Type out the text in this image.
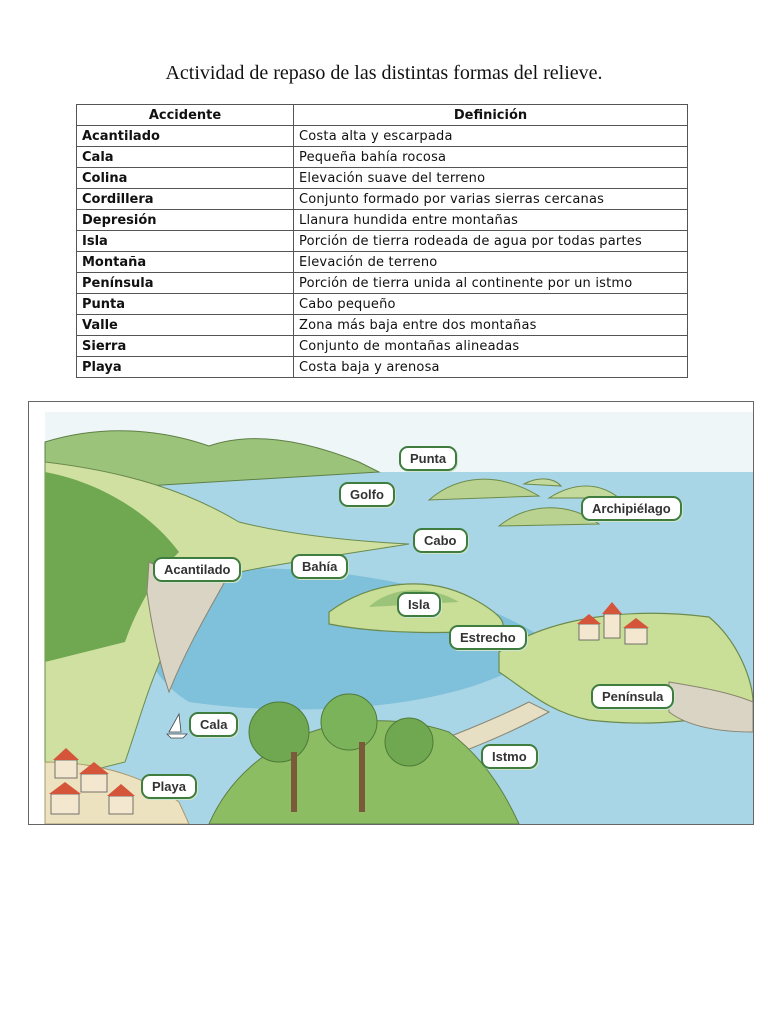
Actividad de repaso de las distintas formas del relieve.
Accidente	Definición
Acantilado	Costa alta y escarpada
Cala	Pequeña bahía rocosa
Colina	Elevación suave del terreno
Cordillera	Conjunto formado por varias sierras cercanas
Depresión	Llanura hundida entre montañas
Isla	Porción de tierra rodeada de agua por todas partes
Montaña	Elevación de terreno
Península	Porción de tierra unida al continente por un istmo
Punta	Cabo pequeño
Valle	Zona más baja entre dos montañas
Sierra	Conjunto de montañas alineadas
Playa	Costa baja y arenosa
Punta
Golfo
Archipiélago
Cabo
Acantilado	Bahía
Isla
Estrecho
Península
Cala
Istmo
Playa
